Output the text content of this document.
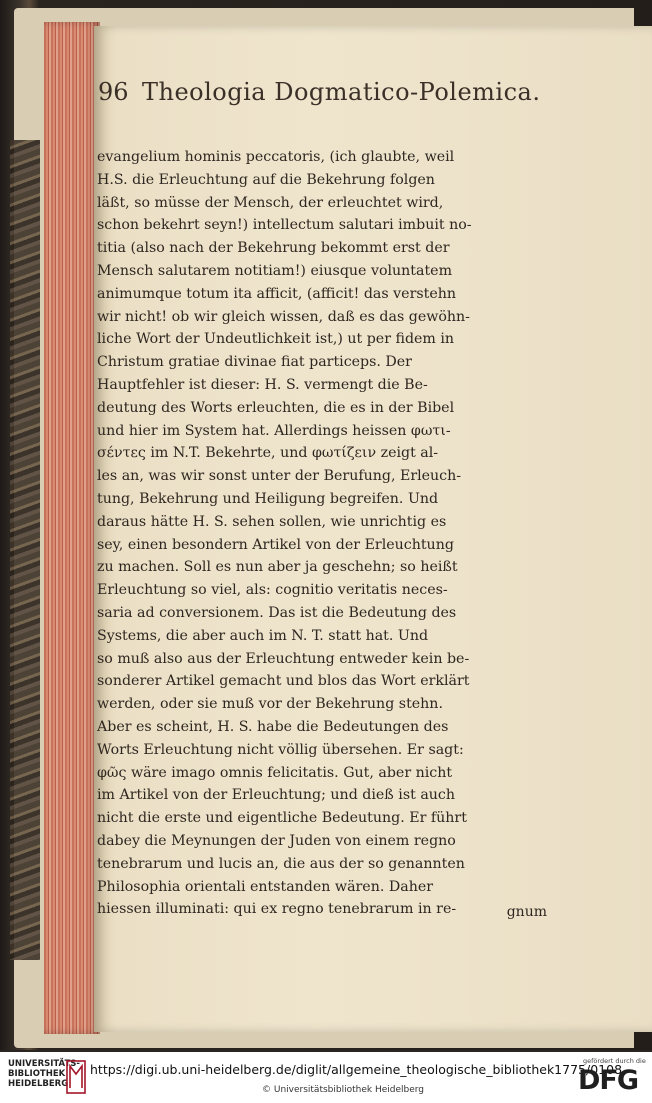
96 Theologia Dogmatico-Polemica.
evangelium hominis peccatoris, (ich glaubte, weil
H.S. die Erleuchtung auf die Bekehrung folgen
läßt, so müsse der Mensch, der erleuchtet wird,
schon bekehrt seyn!) intellectum salutari imbuit no-
titia (also nach der Bekehrung bekommt erst der
Mensch salutarem notitiam!) eiusque voluntatem
animumque totum ita afficit, (afficit! das verstehn
wir nicht! ob wir gleich wissen, daß es das gewöhn-
liche Wort der Undeutlichkeit ist,) ut per fidem in
Christum gratiae divinae fiat particeps. Der
Hauptfehler ist dieser: H. S. vermengt die Be-
deutung des Worts erleuchten, die es in der Bibel
und hier im System hat. Allerdings heissen φωτι-
σέντες im N.T. Bekehrte, und φωτίζειν zeigt al-
les an, was wir sonst unter der Berufung, Erleuch-
tung, Bekehrung und Heiligung begreifen. Und
daraus hätte H. S. sehen sollen, wie unrichtig es
sey, einen besondern Artikel von der Erleuchtung
zu machen. Soll es nun aber ja geschehn; so heißt
Erleuchtung so viel, als: cognitio veritatis neces-
saria ad conversionem. Das ist die Bedeutung des
Systems, die aber auch im N. T. statt hat. Und
so muß also aus der Erleuchtung entweder kein be-
sonderer Artikel gemacht und blos das Wort erklärt
werden, oder sie muß vor der Bekehrung stehn.
Aber es scheint, H. S. habe die Bedeutungen des
Worts Erleuchtung nicht völlig übersehen. Er sagt:
φῶς wäre imago omnis felicitatis. Gut, aber nicht
im Artikel von der Erleuchtung; und dieß ist auch
nicht die erste und eigentliche Bedeutung. Er führt
dabey die Meynungen der Juden von einem regno
tenebrarum und lucis an, die aus der so genannten
Philosophia orientali entstanden wären. Daher
hiessen illuminati: qui ex regno tenebrarum in re-	gnum
UNIVERSITÄTS-
BIBLIOTHEK
HEIDELBERG
https://digi.ub.uni-heidelberg.de/diglit/allgemeine_theologische_bibliothek1775/0108
© Universitätsbibliothek Heidelberg
gefördert durch die
DFG
